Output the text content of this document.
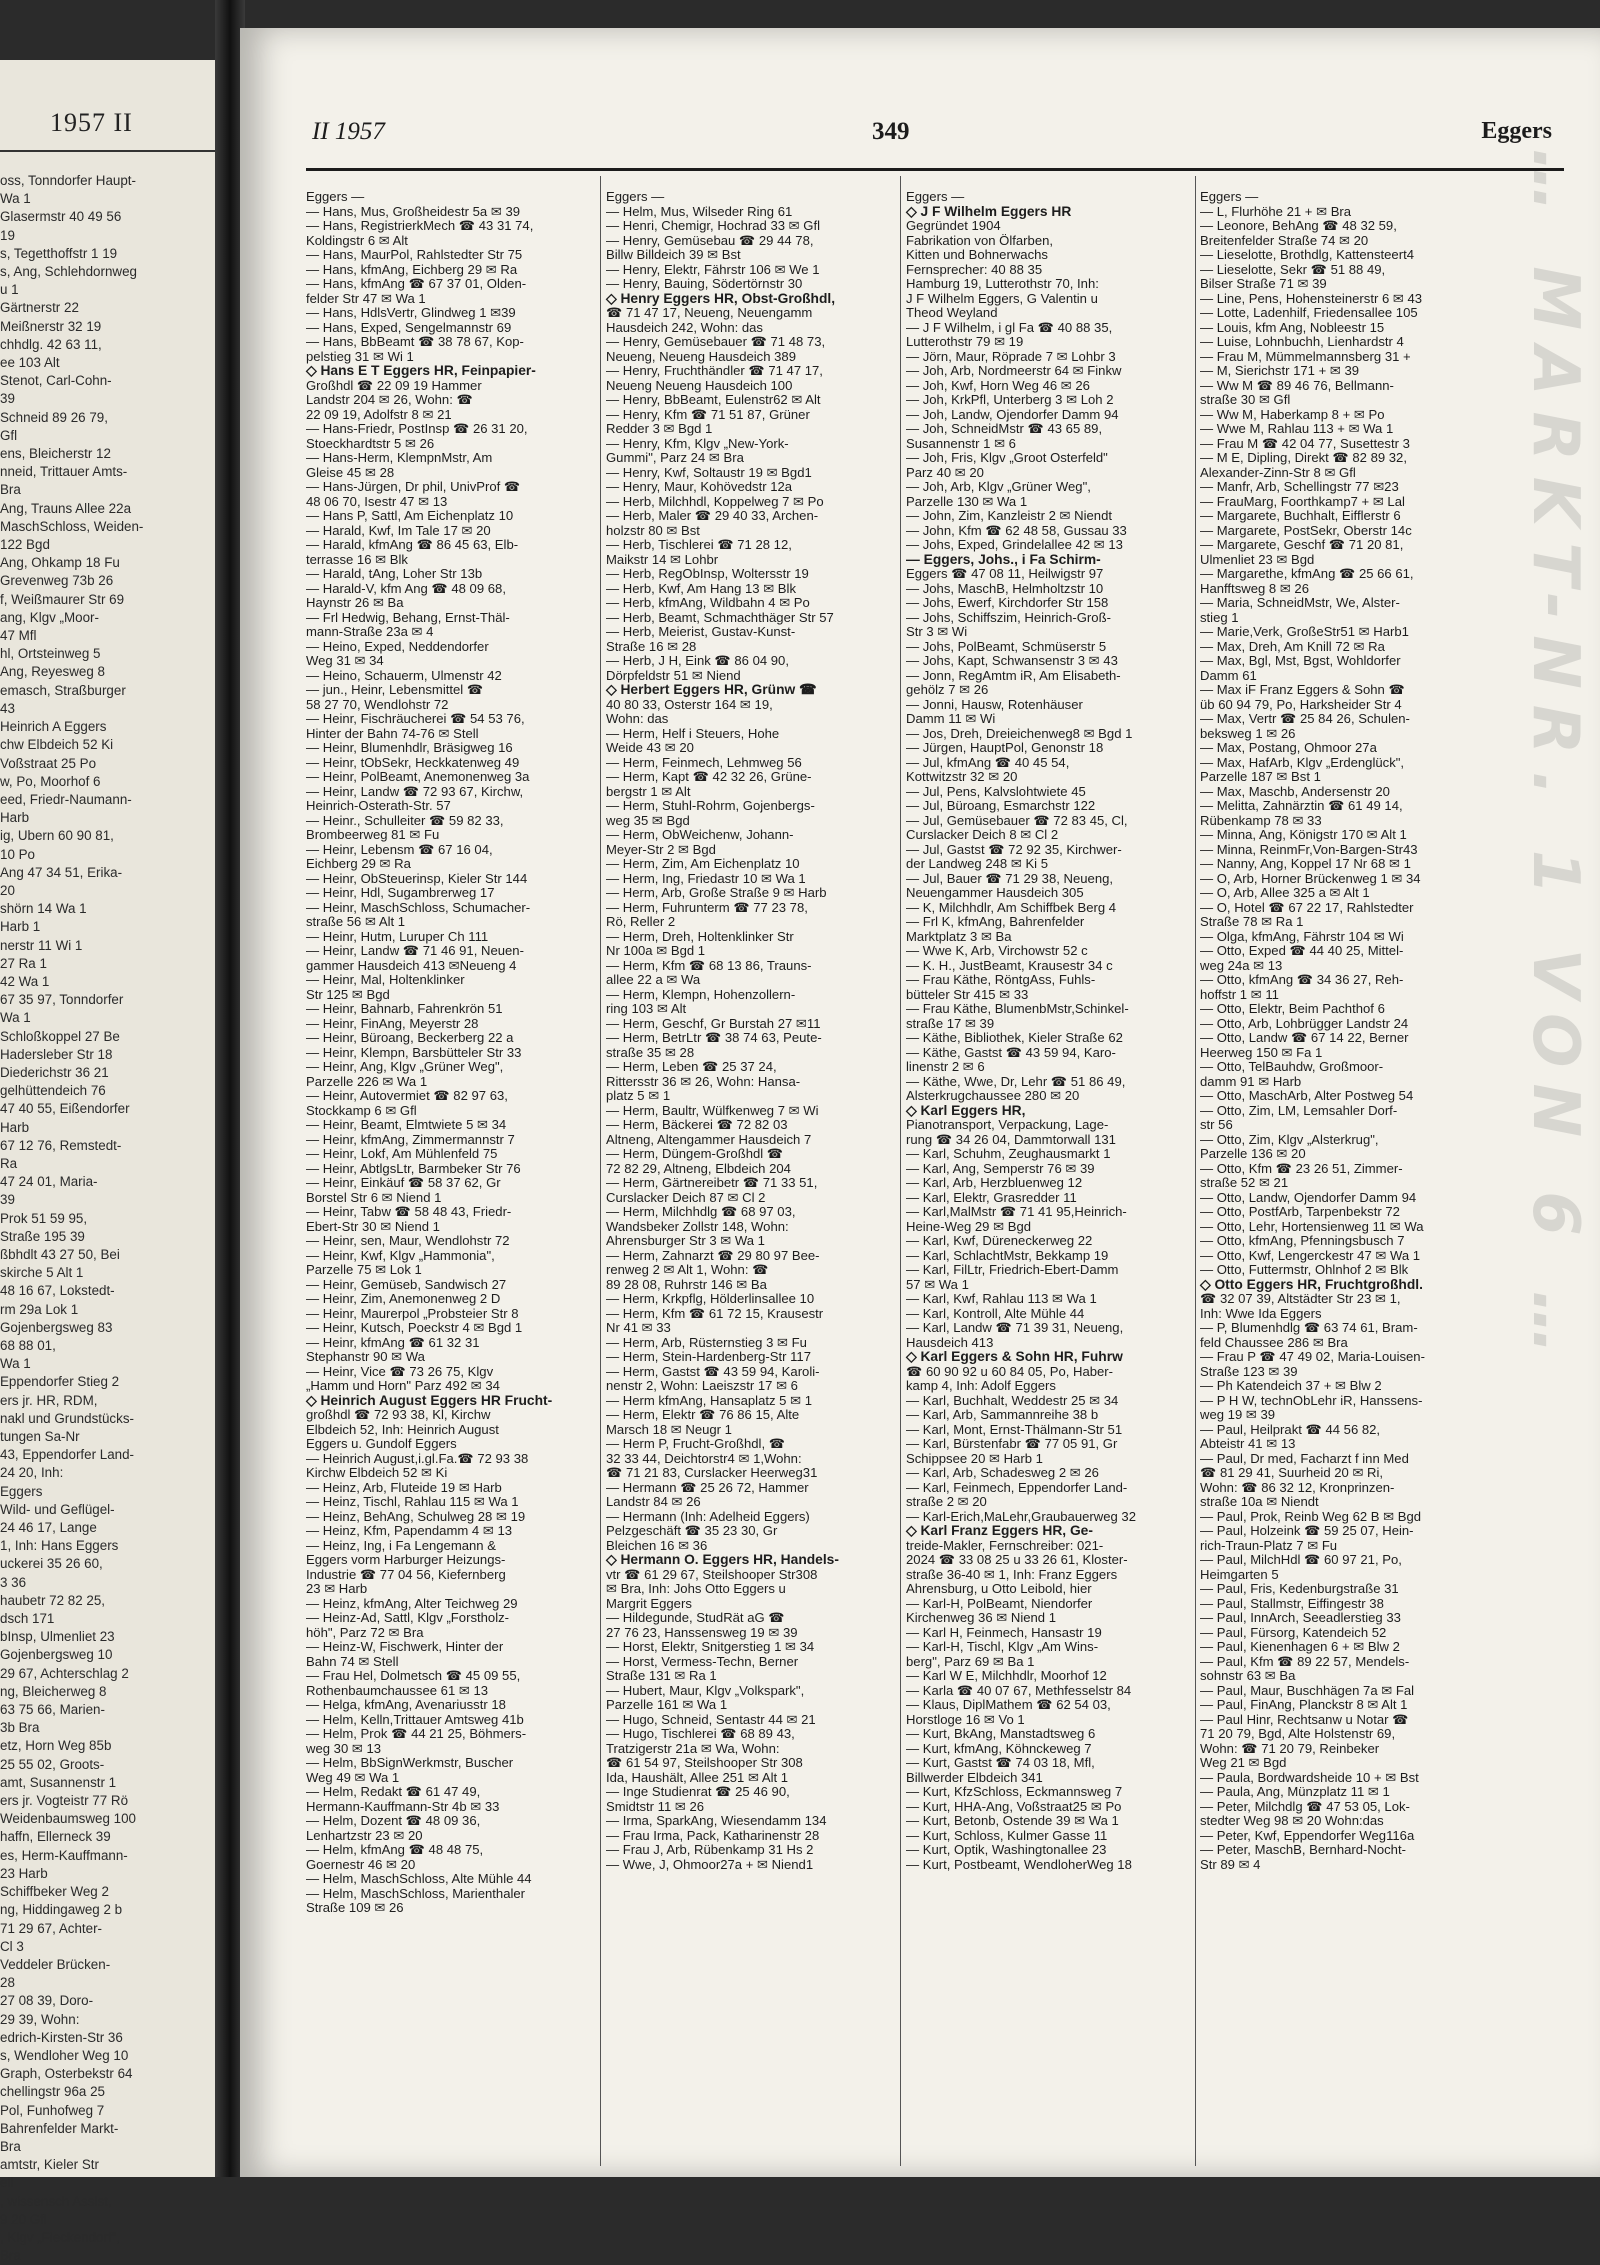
1957 II
oss, Tonndorfer Haupt-
Wa 1
Glasermstr 40 49 56
19
s, Tegetthoffstr 1 19
s, Ang, Schlehdornweg
u 1
Gärtnerstr 22
Meißnerstr 32 19
chhdlg. 42 63 11,
ee 103 Alt
Stenot, Carl-Cohn-
39
Schneid 89 26 79,
Gfl
ens, Bleicherstr 12
nneid, Trittauer Amts-
Bra
Ang, Trauns Allee 22a
MaschSchloss, Weiden-
122 Bgd
Ang, Ohkamp 18 Fu
Grevenweg 73b 26
f, Weißmaurer Str 69
ang, Klgv „Moor-
47 Mfl
hl, Ortsteinweg 5
Ang, Reyesweg 8
emasch, Straßburger
43
Heinrich A Eggers
chw Elbdeich 52 Ki
Voßstraat 25 Po
w, Po, Moorhof 6
eed, Friedr-Naumann-
Harb
ig, Ubern 60 90 81,
10 Po
Ang 47 34 51, Erika-
20
shörn 14 Wa 1
Harb 1
nerstr 11 Wi 1
27 Ra 1
42 Wa 1
67 35 97, Tonndorfer
Wa 1
Schloßkoppel 27 Be
Hadersleber Str 18
Diederichstr 36 21
gelhüttendeich 76
47 40 55, Eißendorfer
Harb
67 12 76, Remstedt-
Ra
47 24 01, Maria-
39
Prok 51 59 95,
Straße 195 39
ßbhdlt 43 27 50, Bei
skirche 5 Alt 1
48 16 67, Lokstedt-
rm 29a Lok 1
Gojenbergsweg 83
68 88 01,
Wa 1
Eppendorfer Stieg 2
ers jr. HR, RDM,
nakl und Grundstücks-
tungen Sa-Nr
43, Eppendorfer Land-
24 20, Inh:
Eggers
Wild- und Geflügel-
24 46 17, Lange
1, Inh: Hans Eggers
uckerei 35 26 60,
3 36
haubetr 72 82 25,
dsch 171
bInsp, Ulmenliet 23
Gojenbergsweg 10
29 67, Achterschlag 2
ng, Bleicherweg 8
63 75 66, Marien-
3b Bra
etz, Horn Weg 85b
25 55 02, Groots-
amt, Susannenstr 1
ers jr. Vogteistr 77 Rö
Weidenbaumsweg 100
haffn, Ellerneck 39
es, Herm-Kauffmann-
23 Harb
Schiffbeker Weg 2
ng, Hiddingaweg 2 b
71 29 67, Achter-
Cl 3
Veddeler Brücken-
28
27 08 39, Doro-
29 39, Wohn:
edrich-Kirsten-Str 36
s, Wendloher Weg 10
Graph, Osterbekstr 64
chellingstr 96a 25
Pol, Funhofweg 7
Bahrenfelder Markt-
Bra
amtstr, Kieler Str
ell
, wissensch Assist,
9 20 Gfl
, Klgv „Fieckendorf",
Bra
II 1957	349	Eggers
Eggers —
— Hans, Mus, Großheidestr 5a ✉ 39
— Hans, RegistrierkMech ☎ 43 31 74,
Koldingstr 6 ✉ Alt
— Hans, MaurPol, Rahlstedter Str 75
— Hans, kfmAng, Eichberg 29 ✉ Ra
— Hans, kfmAng ☎ 67 37 01, Olden-
felder Str 47 ✉ Wa 1
— Hans, HdlsVertr, Glindweg 1 ✉39
— Hans, Exped, Sengelmannstr 69
— Hans, BbBeamt ☎ 38 78 67, Kop-
pelstieg 31 ✉ Wi 1
◇ Hans E T Eggers HR, Feinpapier-
Großhdl ☎ 22 09 19 Hammer
Landstr 204 ✉ 26, Wohn: ☎
22 09 19, Adolfstr 8 ✉ 21
— Hans-Friedr, PostInsp ☎ 26 31 20,
Stoeckhardtstr 5 ✉ 26
— Hans-Herm, KlempnMstr, Am
Gleise 45 ✉ 28
— Hans-Jürgen, Dr phil, UnivProf ☎
48 06 70, Isestr 47 ✉ 13
— Hans P, Sattl, Am Eichenplatz 10
— Harald, Kwf, Im Tale 17 ✉ 20
— Harald, kfmAng ☎ 86 45 63, Elb-
terrasse 16 ✉ Blk
— Harald, tAng, Loher Str 13b
— Harald-V, kfm Ang ☎ 48 09 68,
Haynstr 26 ✉ Ba
— Frl Hedwig, Behang, Ernst-Thäl-
mann-Straße 23a ✉ 4
— Heino, Exped, Neddendorfer
Weg 31 ✉ 34
— Heino, Schauerm, Ulmenstr 42
— jun., Heinr, Lebensmittel ☎
58 27 70, Wendlohstr 72
— Heinr, Fischräucherei ☎ 54 53 76,
Hinter der Bahn 74-76 ✉ Stell
— Heinr, Blumenhdlr, Bräsigweg 16
— Heinr, tObSekr, Heckkatenweg 49
— Heinr, PolBeamt, Anemonenweg 3a
— Heinr, Landw ☎ 72 93 67, Kirchw,
Heinrich-Osterath-Str. 57
— Heinr., Schulleiter ☎ 59 82 33,
Brombeerweg 81 ✉ Fu
— Heinr, Lebensm ☎ 67 16 04,
Eichberg 29 ✉ Ra
— Heinr, ObSteuerinsp, Kieler Str 144
— Heinr, Hdl, Sugambrerweg 17
— Heinr, MaschSchloss, Schumacher-
straße 56 ✉ Alt 1
— Heinr, Hutm, Luruper Ch 111
— Heinr, Landw ☎ 71 46 91, Neuen-
gammer Hausdeich 413 ✉Neueng 4
— Heinr, Mal, Holtenklinker
Str 125 ✉ Bgd
— Heinr, Bahnarb, Fahrenkrön 51
— Heinr, FinAng, Meyerstr 28
— Heinr, Büroang, Beckerberg 22 a
— Heinr, Klempn, Barsbütteler Str 33
— Heinr, Ang, Klgv „Grüner Weg",
Parzelle 226 ✉ Wa 1
— Heinr, Autovermiet ☎ 82 97 63,
Stockkamp 6 ✉ Gfl
— Heinr, Beamt, Elmtwiete 5 ✉ 34
— Heinr, kfmAng, Zimmermannstr 7
— Heinr, Lokf, Am Mühlenfeld 75
— Heinr, AbtlgsLtr, Barmbeker Str 76
— Heinr, Einkäuf ☎ 58 37 62, Gr
Borstel Str 6 ✉ Niend 1
— Heinr, Tabw ☎ 58 48 43, Friedr-
Ebert-Str 30 ✉ Niend 1
— Heinr, sen, Maur, Wendlohstr 72
— Heinr, Kwf, Klgv „Hammonia",
Parzelle 75 ✉ Lok 1
— Heinr, Gemüseb, Sandwisch 27
— Heinr, Zim, Anemonenweg 2 D
— Heinr, Maurerpol „Probsteier Str 8
— Heinr, Kutsch, Poeckstr 4 ✉ Bgd 1
— Heinr, kfmAng ☎ 61 32 31
Stephanstr 90 ✉ Wa
— Heinr, Vice ☎ 73 26 75, Klgv
„Hamm und Horn" Parz 492 ✉ 34
◇ Heinrich August Eggers HR Frucht-
großhdl ☎ 72 93 38, Kl, Kirchw
Elbdeich 52, Inh: Heinrich August
Eggers u. Gundolf Eggers
— Heinrich August,i.gl.Fa.☎ 72 93 38
Kirchw Elbdeich 52 ✉ Ki
— Heinz, Arb, Fluteide 19 ✉ Harb
— Heinz, Tischl, Rahlau 115 ✉ Wa 1
— Heinz, BehAng, Schulweg 28 ✉ 19
— Heinz, Kfm, Papendamm 4 ✉ 13
— Heinz, Ing, i Fa Lengemann &
Eggers vorm Harburger Heizungs-
Industrie ☎ 77 04 56, Kiefernberg
23 ✉ Harb
— Heinz, kfmAng, Alter Teichweg 29
— Heinz-Ad, Sattl, Klgv „Forstholz-
höh", Parz 72 ✉ Bra
— Heinz-W, Fischwerk, Hinter der
Bahn 74 ✉ Stell
— Frau Hel, Dolmetsch ☎ 45 09 55,
Rothenbaumchaussee 61 ✉ 13
— Helga, kfmAng, Avenariusstr 18
— Helm, Kelln,Trittauer Amtsweg 41b
— Helm, Prok ☎ 44 21 25, Böhmers-
weg 30 ✉ 13
— Helm, BbSignWerkmstr, Buscher
Weg 49 ✉ Wa 1
— Helm, Redakt ☎ 61 47 49,
Hermann-Kauffmann-Str 4b ✉ 33
— Helm, Dozent ☎ 48 09 36,
Lenhartzstr 23 ✉ 20
— Helm, kfmAng ☎ 48 48 75,
Goernestr 46 ✉ 20
— Helm, MaschSchloss, Alte Mühle 44
— Helm, MaschSchloss, Marienthaler
Straße 109 ✉ 26
Eggers —
— Helm, Mus, Wilseder Ring 61
— Henri, Chemigr, Hochrad 33 ✉ Gfl
— Henry, Gemüsebau ☎ 29 44 78,
Billw Billdeich 39 ✉ Bst
— Henry, Elektr, Fährstr 106 ✉ We 1
— Henry, Bauing, Södertörnstr 30
◇ Henry Eggers HR, Obst-Großhdl,
☎ 71 47 17, Neueng, Neuengamm
Hausdeich 242, Wohn: das
— Henry, Gemüsebauer ☎ 71 48 73,
Neueng, Neueng Hausdeich 389
— Henry, Fruchthändler ☎ 71 47 17,
Neueng Neueng Hausdeich 100
— Henry, BbBeamt, Eulenstr62 ✉ Alt
— Henry, Kfm ☎ 71 51 87, Grüner
Redder 3 ✉ Bgd 1
— Henry, Kfm, Klgv „New-York-
Gummi", Parz 24 ✉ Bra
— Henry, Kwf, Soltaustr 19 ✉ Bgd1
— Henry, Maur, Kohövedstr 12a
— Herb, Milchhdl, Koppelweg 7 ✉ Po
— Herb, Maler ☎ 29 40 33, Archen-
holzstr 80 ✉ Bst
— Herb, Tischlerei ☎ 71 28 12,
Maikstr 14 ✉ Lohbr
— Herb, RegObInsp, Woltersstr 19
— Herb, Kwf, Am Hang 13 ✉ Blk
— Herb, kfmAng, Wildbahn 4 ✉ Po
— Herb, Beamt, Schmachthäger Str 57
— Herb, Meierist, Gustav-Kunst-
Straße 16 ✉ 28
— Herb, J H, Eink ☎ 86 04 90,
Dörpfeldstr 51 ✉ Niend
◇ Herbert Eggers HR, Grünw ☎
40 80 33, Osterstr 164 ✉ 19,
Wohn: das
— Herm, Helf i Steuers, Hohe
Weide 43 ✉ 20
— Herm, Feinmech, Lehmweg 56
— Herm, Kapt ☎ 42 32 26, Grüne-
bergstr 1 ✉ Alt
— Herm, Stuhl-Rohrm, Gojenbergs-
weg 35 ✉ Bgd
— Herm, ObWeichenw, Johann-
Meyer-Str 2 ✉ Bgd
— Herm, Zim, Am Eichenplatz 10
— Herm, Ing, Friedastr 10 ✉ Wa 1
— Herm, Arb, Große Straße 9 ✉ Harb
— Herm, Fuhrunterm ☎ 77 23 78,
Rö, Reller 2
— Herm, Dreh, Holtenklinker Str
Nr 100a ✉ Bgd 1
— Herm, Kfm ☎ 68 13 86, Trauns-
allee 22 a ✉ Wa
— Herm, Klempn, Hohenzollern-
ring 103 ✉ Alt
— Herm, Geschf, Gr Burstah 27 ✉11
— Herm, BetrLtr ☎ 38 74 63, Peute-
straße 35 ✉ 28
— Herm, Leben ☎ 25 37 24,
Rittersstr 36 ✉ 26, Wohn: Hansa-
platz 5 ✉ 1
— Herm, Baultr, Wülfkenweg 7 ✉ Wi
— Herm, Bäckerei ☎ 72 82 03
Altneng, Altengammer Hausdeich 7
— Herm, Düngem-Großhdl ☎
72 82 29, Altneng, Elbdeich 204
— Herm, Gärtnereibetr ☎ 71 33 51,
Curslacker Deich 87 ✉ Cl 2
— Herm, Milchhdlg ☎ 68 97 03,
Wandsbeker Zollstr 148, Wohn:
Ahrensburger Str 3 ✉ Wa 1
— Herm, Zahnarzt ☎ 29 80 97 Bee-
renweg 2 ✉ Alt 1, Wohn: ☎
89 28 08, Ruhrstr 146 ✉ Ba
— Herm, Krkpflg, Hölderlinsallee 10
— Herm, Kfm ☎ 61 72 15, Krausestr
Nr 41 ✉ 33
— Herm, Arb, Rüsternstieg 3 ✉ Fu
— Herm, Stein-Hardenberg-Str 117
— Herm, Gastst ☎ 43 59 94, Karoli-
nenstr 2, Wohn: Laeiszstr 17 ✉ 6
— Herm kfmAng, Hansaplatz 5 ✉ 1
— Herm, Elektr ☎ 76 86 15, Alte
Marsch 18 ✉ Neugr 1
— Herm P, Frucht-Großhdl, ☎
32 33 44, Deichtorstr4 ✉ 1,Wohn:
☎ 71 21 83, Curslacker Heerweg31
— Hermann ☎ 25 26 72, Hammer
Landstr 84 ✉ 26
— Hermann (Inh: Adelheid Eggers)
Pelzgeschäft ☎ 35 23 30, Gr
Bleichen 16 ✉ 36
◇ Hermann O. Eggers HR, Handels-
vtr ☎ 61 29 67, Steilshooper Str308
✉ Bra, Inh: Johs Otto Eggers u
Margrit Eggers
— Hildegunde, StudRät aG ☎
27 76 23, Hanssensweg 19 ✉ 39
— Horst, Elektr, Snitgerstieg 1 ✉ 34
— Horst, Vermess-Techn, Berner
Straße 131 ✉ Ra 1
— Hubert, Maur, Klgv „Volkspark",
Parzelle 161 ✉ Wa 1
— Hugo, Schneid, Sentastr 44 ✉ 21
— Hugo, Tischlerei ☎ 68 89 43,
Tratzigerstr 21a ✉ Wa, Wohn:
☎ 61 54 97, Steilshooper Str 308
Ida, Haushält, Allee 251 ✉ Alt 1
— Inge Studienrat ☎ 25 46 90,
Smidtstr 11 ✉ 26
— Irma, SparkAng, Wiesendamm 134
— Frau Irma, Pack, Katharinenstr 28
— Frau J, Arb, Rübenkamp 31 Hs 2
— Wwe, J, Ohmoor27a + ✉ Niend1
Eggers —
◇ J F Wilhelm Eggers HR
Gegründet 1904
Fabrikation von Ölfarben,
Kitten und Bohnerwachs
Fernsprecher: 40 88 35
Hamburg 19, Lutterothstr 70, Inh:
J F Wilhelm Eggers, G Valentin u
Theod Weyland
— J F Wilhelm, i gl Fa ☎ 40 88 35,
Lutterothstr 79 ✉ 19
— Jörn, Maur, Röprade 7 ✉ Lohbr 3
— Joh, Arb, Nordmeerstr 64 ✉ Finkw
— Joh, Kwf, Horn Weg 46 ✉ 26
— Joh, KrkPfl, Unterberg 3 ✉ Loh 2
— Joh, Landw, Ojendorfer Damm 94
— Joh, SchneidMstr ☎ 43 65 89,
Susannenstr 1 ✉ 6
— Joh, Fris, Klgv „Groot Osterfeld"
Parz 40 ✉ 20
— Joh, Arb, Klgv „Grüner Weg",
Parzelle 130 ✉ Wa 1
— John, Zim, Kanzleistr 2 ✉ Niendt
— John, Kfm ☎ 62 48 58, Gussau 33
— Johs, Exped, Grindelallee 42 ✉ 13
— Eggers, Johs., i Fa Schirm-
Eggers ☎ 47 08 11, Heilwigstr 97
— Johs, MaschB, Helmholtzstr 10
— Johs, Ewerf, Kirchdorfer Str 158
— Johs, Schiffszim, Heinrich-Groß-
Str 3 ✉ Wi
— Johs, PolBeamt, Schmüserstr 5
— Johs, Kapt, Schwansenstr 3 ✉ 43
— Jonn, RegAmtm iR, Am Elisabeth-
gehölz 7 ✉ 26
— Jonni, Hausw, Rotenhäuser
Damm 11 ✉ Wi
— Jos, Dreh, Dreieichenweg8 ✉ Bgd 1
— Jürgen, HauptPol, Genonstr 18
— Jul, kfmAng ☎ 40 45 54,
Kottwitzstr 32 ✉ 20
— Jul, Pens, Kalvslohtwiete 45
— Jul, Büroang, Esmarchstr 122
— Jul, Gemüsebauer ☎ 72 83 45, Cl,
Curslacker Deich 8 ✉ Cl 2
— Jul, Gastst ☎ 72 92 35, Kirchwer-
der Landweg 248 ✉ Ki 5
— Jul, Bauer ☎ 71 29 38, Neueng,
Neuengammer Hausdeich 305
— K, Milchhdlr, Am Schiffbek Berg 4
— Frl K, kfmAng, Bahrenfelder
Marktplatz 3 ✉ Ba
— Wwe K, Arb, Virchowstr 52 c
— K. H., JustBeamt, Krausestr 34 c
— Frau Käthe, RöntgAss, Fuhls-
bütteler Str 415 ✉ 33
— Frau Käthe, BlumenbMstr,Schinkel-
straße 17 ✉ 39
— Käthe, Bibliothek, Kieler Straße 62
— Käthe, Gastst ☎ 43 59 94, Karo-
linenstr 2 ✉ 6
— Käthe, Wwe, Dr, Lehr ☎ 51 86 49,
Alsterkrugchaussee 280 ✉ 20
◇ Karl Eggers HR,
Pianotransport, Verpackung, Lage-
rung ☎ 34 26 04, Dammtorwall 131
— Karl, Schuhm, Zeughausmarkt 1
— Karl, Ang, Semperstr 76 ✉ 39
— Karl, Arb, Herzbluenweg 12
— Karl, Elektr, Grasredder 11
— Karl,MalMstr ☎ 71 41 95,Heinrich-
Heine-Weg 29 ✉ Bgd
— Karl, Kwf, Düreneckerweg 22
— Karl, SchlachtMstr, Bekkamp 19
— Karl, FilLtr, Friedrich-Ebert-Damm
57 ✉ Wa 1
— Karl, Kwf, Rahlau 113 ✉ Wa 1
— Karl, Kontroll, Alte Mühle 44
— Karl, Landw ☎ 71 39 31, Neueng,
Hausdeich 413
◇ Karl Eggers & Sohn HR, Fuhrw
☎ 60 90 92 u 60 84 05, Po, Haber-
kamp 4, Inh: Adolf Eggers
— Karl, Buchhalt, Weddestr 25 ✉ 34
— Karl, Arb, Sammannreihe 38 b
— Karl, Mont, Ernst-Thälmann-Str 51
— Karl, Bürstenfabr ☎ 77 05 91, Gr
Schippsee 20 ✉ Harb 1
— Karl, Arb, Schadesweg 2 ✉ 26
— Karl, Feinmech, Eppendorfer Land-
straße 2 ✉ 20
— Karl-Erich,MaLehr,Graubauerweg 32
◇ Karl Franz Eggers HR, Ge-
treide-Makler, Fernschreiber: 021-
2024 ☎ 33 08 25 u 33 26 61, Kloster-
straße 36-40 ✉ 1, Inh: Franz Eggers
Ahrensburg, u Otto Leibold, hier
— Karl-H, PolBeamt, Niendorfer
Kirchenweg 36 ✉ Niend 1
— Karl H, Feinmech, Hansastr 19
— Karl-H, Tischl, Klgv „Am Wins-
berg", Parz 69 ✉ Ba 1
— Karl W E, Milchhdlr, Moorhof 12
— Karla ☎ 40 07 67, Methfesselstr 84
— Klaus, DiplMathem ☎ 62 54 03,
Horstloge 16 ✉ Vo 1
— Kurt, BkAng, Manstadtsweg 6
— Kurt, kfmAng, Köhnckeweg 7
— Kurt, Gastst ☎ 74 03 18, Mfl,
Billwerder Elbdeich 341
— Kurt, KfzSchloss, Eckmannsweg 7
— Kurt, HHA-Ang, Voßstraat25 ✉ Po
— Kurt, Betonb, Ostende 39 ✉ Wa 1
— Kurt, Schloss, Kulmer Gasse 11
— Kurt, Optik, Washingtonallee 23
— Kurt, Postbeamt, WendloherWeg 18
Eggers —
— L, Flurhöhe 21 + ✉ Bra
— Leonore, BehAng ☎ 48 32 59,
Breitenfelder Straße 74 ✉ 20
— Lieselotte, Brothdlg, Kattensteert4
— Lieselotte, Sekr ☎ 51 88 49,
Bilser Straße 71 ✉ 39
— Line, Pens, Hohensteinerstr 6 ✉ 43
— Lotte, Ladenhilf, Friedensallee 105
— Louis, kfm Ang, Nobleestr 15
— Luise, Lohnbuchh, Lienhardstr 4
— Frau M, Mümmelmannsberg 31 +
— M, Sierichstr 171 + ✉ 39
— Ww M ☎ 89 46 76, Bellmann-
straße 30 ✉ Gfl
— Ww M, Haberkamp 8 + ✉ Po
— Wwe M, Rahlau 113 + ✉ Wa 1
— Frau M ☎ 42 04 77, Susettestr 3
— M E, Dipling, Direkt ☎ 82 89 32,
Alexander-Zinn-Str 8 ✉ Gfl
— Manfr, Arb, Schellingstr 77 ✉23
— FrauMarg, Foorthkamp7 + ✉ Lal
— Margarete, Buchhalt, Eifflerstr 6
— Margarete, PostSekr, Oberstr 14c
— Margarete, Geschf ☎ 71 20 81,
Ulmenliet 23 ✉ Bgd
— Margarethe, kfmAng ☎ 25 66 61,
Hanfftsweg 8 ✉ 26
— Maria, SchneidMstr, We, Alster-
stieg 1
— Marie,Verk, GroßeStr51 ✉ Harb1
— Max, Dreh, Am Knill 72 ✉ Ra
— Max, Bgl, Mst, Bgst, Wohldorfer
Damm 61
— Max iF Franz Eggers & Sohn ☎
üb 60 94 79, Po, Harksheider Str 4
— Max, Vertr ☎ 25 84 26, Schulen-
beksweg 1 ✉ 26
— Max, Postang, Ohmoor 27a
— Max, HafArb, Klgv „Erdenglück",
Parzelle 187 ✉ Bst 1
— Max, Maschb, Andersenstr 20
— Melitta, Zahnärztin ☎ 61 49 14,
Rübenkamp 78 ✉ 33
— Minna, Ang, Königstr 170 ✉ Alt 1
— Minna, ReinmFr,Von-Bargen-Str43
— Nanny, Ang, Koppel 17 Nr 68 ✉ 1
— O, Arb, Horner Brückenweg 1 ✉ 34
— O, Arb, Allee 325 a ✉ Alt 1
— O, Hotel ☎ 67 22 17, Rahlstedter
Straße 78 ✉ Ra 1
— Olga, kfmAng, Fährstr 104 ✉ Wi
— Otto, Exped ☎ 44 40 25, Mittel-
weg 24a ✉ 13
— Otto, kfmAng ☎ 34 36 27, Reh-
hoffstr 1 ✉ 11
— Otto, Elektr, Beim Pachthof 6
— Otto, Arb, Lohbrügger Landstr 24
— Otto, Landw ☎ 67 14 22, Berner
Heerweg 150 ✉ Fa 1
— Otto, TelBauhdw, Großmoor-
damm 91 ✉ Harb
— Otto, MaschArb, Alter Postweg 54
— Otto, Zim, LM, Lemsahler Dorf-
str 56
— Otto, Zim, Klgv „Alsterkrug",
Parzelle 136 ✉ 20
— Otto, Kfm ☎ 23 26 51, Zimmer-
straße 52 ✉ 21
— Otto, Landw, Ojendorfer Damm 94
— Otto, PostfArb, Tarpenbekstr 72
— Otto, Lehr, Hortensienweg 11 ✉ Wa
— Otto, kfmAng, Pfenningsbusch 7
— Otto, Kwf, Lengerckestr 47 ✉ Wa 1
— Otto, Futtermstr, Ohlnhof 2 ✉ Blk
◇ Otto Eggers HR, Fruchtgroßhdl.
☎ 32 07 39, Altstädter Str 23 ✉ 1,
Inh: Wwe Ida Eggers
— P, Blumenhdlg ☎ 63 74 61, Bram-
feld Chaussee 286 ✉ Bra
— Frau P ☎ 47 49 02, Maria-Louisen-
Straße 123 ✉ 39
— Ph Katendeich 37 + ✉ Blw 2
— P H W, technObLehr iR, Hanssens-
weg 19 ✉ 39
— Paul, Heilprakt ☎ 44 56 82,
Abteistr 41 ✉ 13
— Paul, Dr med, Facharzt f inn Med
☎ 81 29 41, Suurheid 20 ✉ Ri,
Wohn: ☎ 86 32 12, Kronprinzen-
straße 10a ✉ Niendt
— Paul, Prok, Reinb Weg 62 B ✉ Bgd
— Paul, Holzeink ☎ 59 25 07, Hein-
rich-Traun-Platz 7 ✉ Fu
— Paul, MilchHdl ☎ 60 97 21, Po,
Heimgarten 5
— Paul, Fris, Kedenburgstraße 31
— Paul, Stallmstr, Eiffingestr 38
— Paul, InnArch, Seeadlerstieg 33
— Paul, Fürsorg, Katendeich 52
— Paul, Kienenhagen 6 + ✉ Blw 2
— Paul, Kfm ☎ 89 22 57, Mendels-
sohnstr 63 ✉ Ba
— Paul, Maur, Buschhägen 7a ✉ Fal
— Paul, FinAng, Planckstr 8 ✉ Alt 1
— Paul Hinr, Rechtsanw u Notar ☎
71 20 79, Bgd, Alte Holstenstr 69,
Wohn: ☎ 71 20 79, Reinbeker
Weg 21 ✉ Bgd
— Paula, Bordwardsheide 10 + ✉ Bst
— Paula, Ang, Münzplatz 11 ✉ 1
— Peter, Milchdlg ☎ 47 53 05, Lok-
stedter Weg 98 ✉ 20 Wohn:das
— Peter, Kwf, Eppendorfer Weg116a
— Peter, MaschB, Bernhard-Nocht-
Str 89 ✉ 4
… MARKT-NR. 1 VON 6 …
